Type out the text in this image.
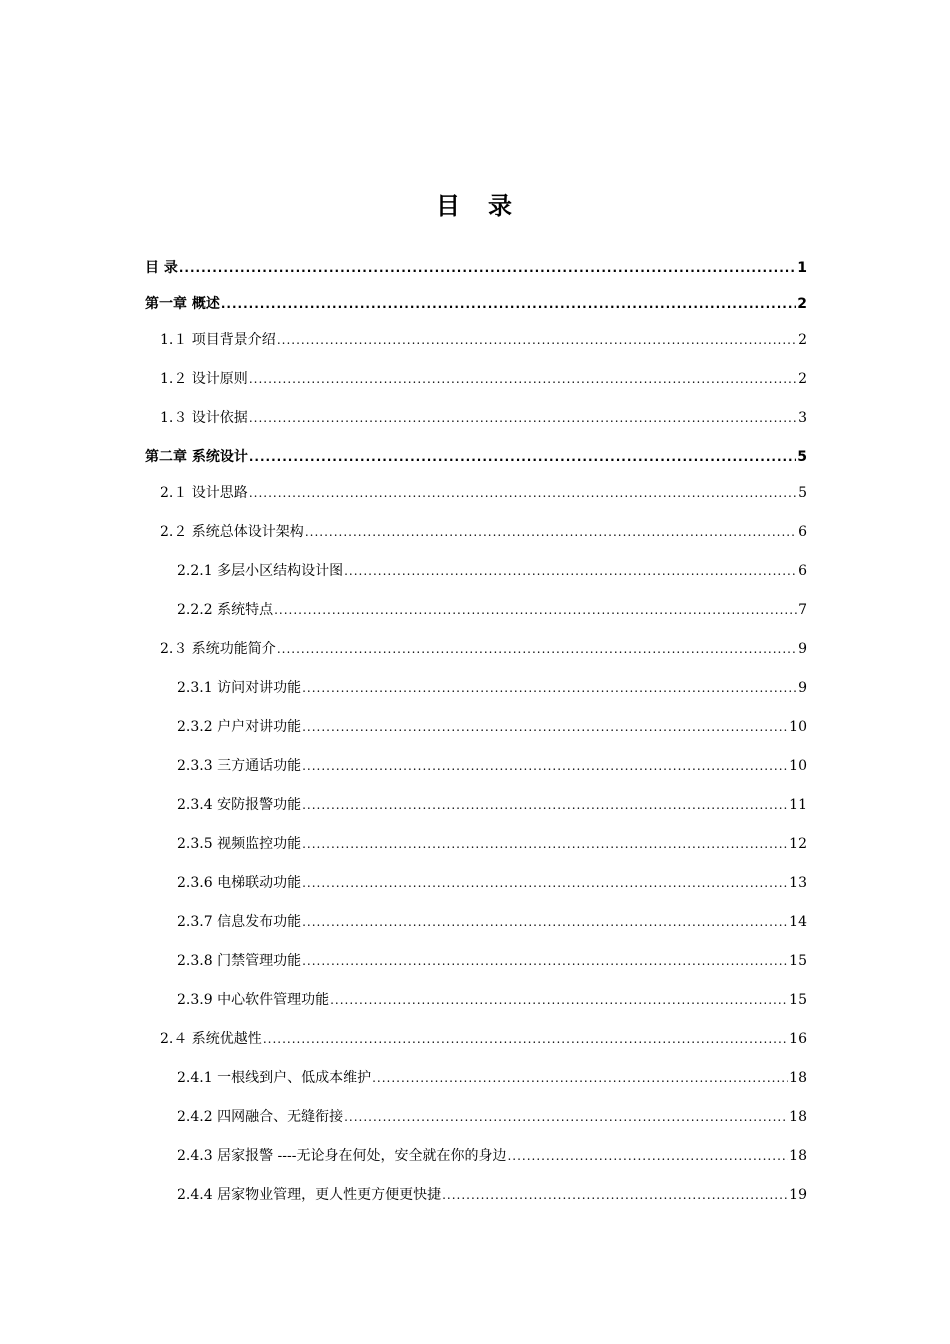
目　录
目 录 .....	1
第一章 概述 .....	2
1.１ 项目背景介绍 .....	2
1.２ 设计原则 .....	2
1.３ 设计依据 .....	3
第二章 系统设计 .....	5
2.１ 设计思路 .....	5
2.２ 系统总体设计架构 .....	6
2.2.1 多层小区结构设计图 .....	6
2.2.2 系统特点 .....	7
2.３ 系统功能简介 .....	9
2.3.1 访问对讲功能 .....	9
2.3.2 户户对讲功能 .....	10
2.3.3 三方通话功能 .....	10
2.3.4 安防报警功能 .....	11
2.3.5 视频监控功能 .....	12
2.3.6 电梯联动功能 .....	13
2.3.7 信息发布功能 .....	14
2.3.8 门禁管理功能 .....	15
2.3.9 中心软件管理功能 .....	15
2.４ 系统优越性 .....	16
2.4.1 一根线到户、低成本维护 .....	18
2.4.2 四网融合、无缝衔接 .....	18
2.4.3 居家报警 ----无论身在何处，安全就在你的身边 .....	18
2.4.4 居家物业管理，更人性更方便更快捷 .....	19
